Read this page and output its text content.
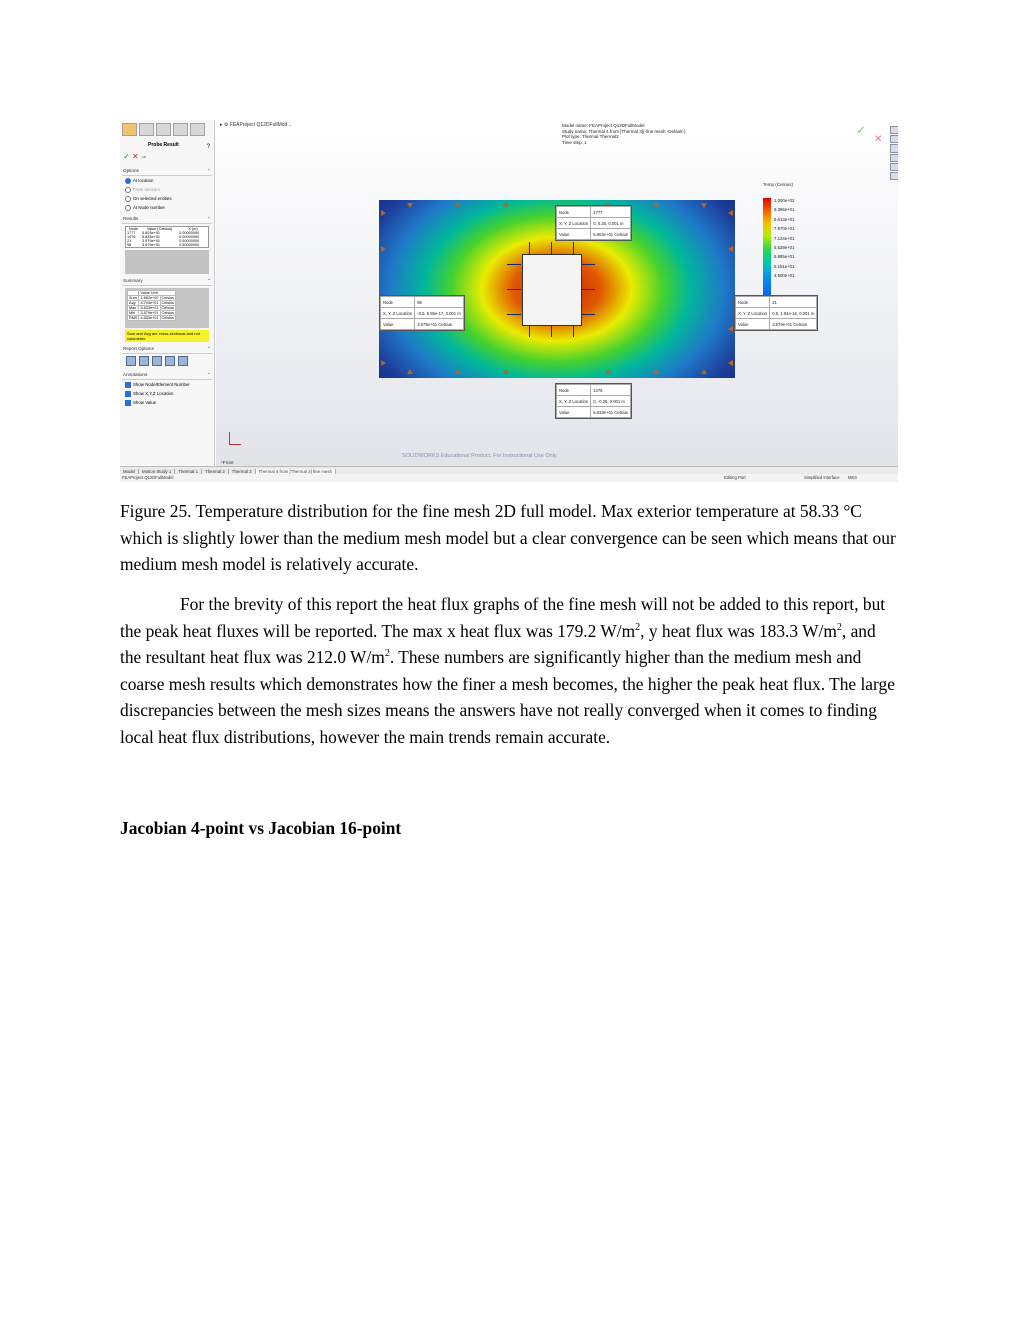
Probe Result	?
✓ ✕ ⊸
Options	⌃
At location
From sensors
On selected entities
At Node number
Results	⌃
Node	Value (Celsius)	X (m)
1777	5.803e+01	0.00000000
1476	5.833e+01	0.00000000
21	3.579e+01	0.50000000
98	3.579e+01	0.50000000
Summary	⌃
	Value Unit	
Sum	1.882e+02	Celsius
Avg	4.704e+01	Celsius
Max	5.833e+01	Celsius
Min	3.579e+01	Celsius
RMS	4.833e+01	Celsius
Sum and Avg are cross-sectional and not volumetric.
Report Options	⌃
Annotations	⌃
Show Node/Element Number
Show X,Y,Z Location
Show Value
▸ ⚙ FEAProject Q12DFullMod...	Model name: FEAProject Q12DFullModel
Study name: Thermal 4 from [Thermal 3](-fine mesh -Default-)
Plot type: Thermal Thermal2
Time step: 1
✓
✕
Node	1777
X, Y, Z Location	0, 0.25, 0.001 m
Value	5.803e+01 Celsius
Node	98
X, Y, Z Location	-0.5, 5.55e-17, 0.001 m
Value	3.579e+01 Celsius
Node	21
X, Y, Z Location	0.5, 1.94e-16, 0.001 m
Value	3.579e+01 Celsius
Node	1476
X, Y, Z Location	0, -0.25, 0.001 m
Value	5.833e+01 Celsius
Temp (Celsius)
1.000e+02
9.396e+01
8.613e+01
7.870e+01
7.124e+01
6.529e+01
5.885e+01
5.181e+01
4.500e+01
*Front
SOLIDWORKS Educational Product. For Instructional Use Only.
Model	Motion Study 1	Thermal 1	Thermal 2	Thermal 3	Thermal 4 from [Thermal 3] fine mesh
FEAProject Q12DFullModel	Editing Part	Simplified Interface MKS
Figure 25. Temperature distribution for the fine mesh 2D full model. Max exterior temperature at 58.33 °C which is slightly lower than the medium mesh model but a clear convergence can be seen which means that our medium mesh model is relatively accurate.
For the brevity of this report the heat flux graphs of the fine mesh will not be added to this report, but the peak heat fluxes will be reported. The max x heat flux was 179.2 $W/m^2$, y heat flux was 183.3 $W/m^2$, and the resultant heat flux was 212.0 $W/m^2$. These numbers are significantly higher than the medium mesh and coarse mesh results which demonstrates how the finer a mesh becomes, the higher the peak heat flux. The large discrepancies between the mesh sizes means the answers have not really converged when it comes to finding local heat flux distributions, however the main trends remain accurate.
Jacobian 4-point vs Jacobian 16-point
